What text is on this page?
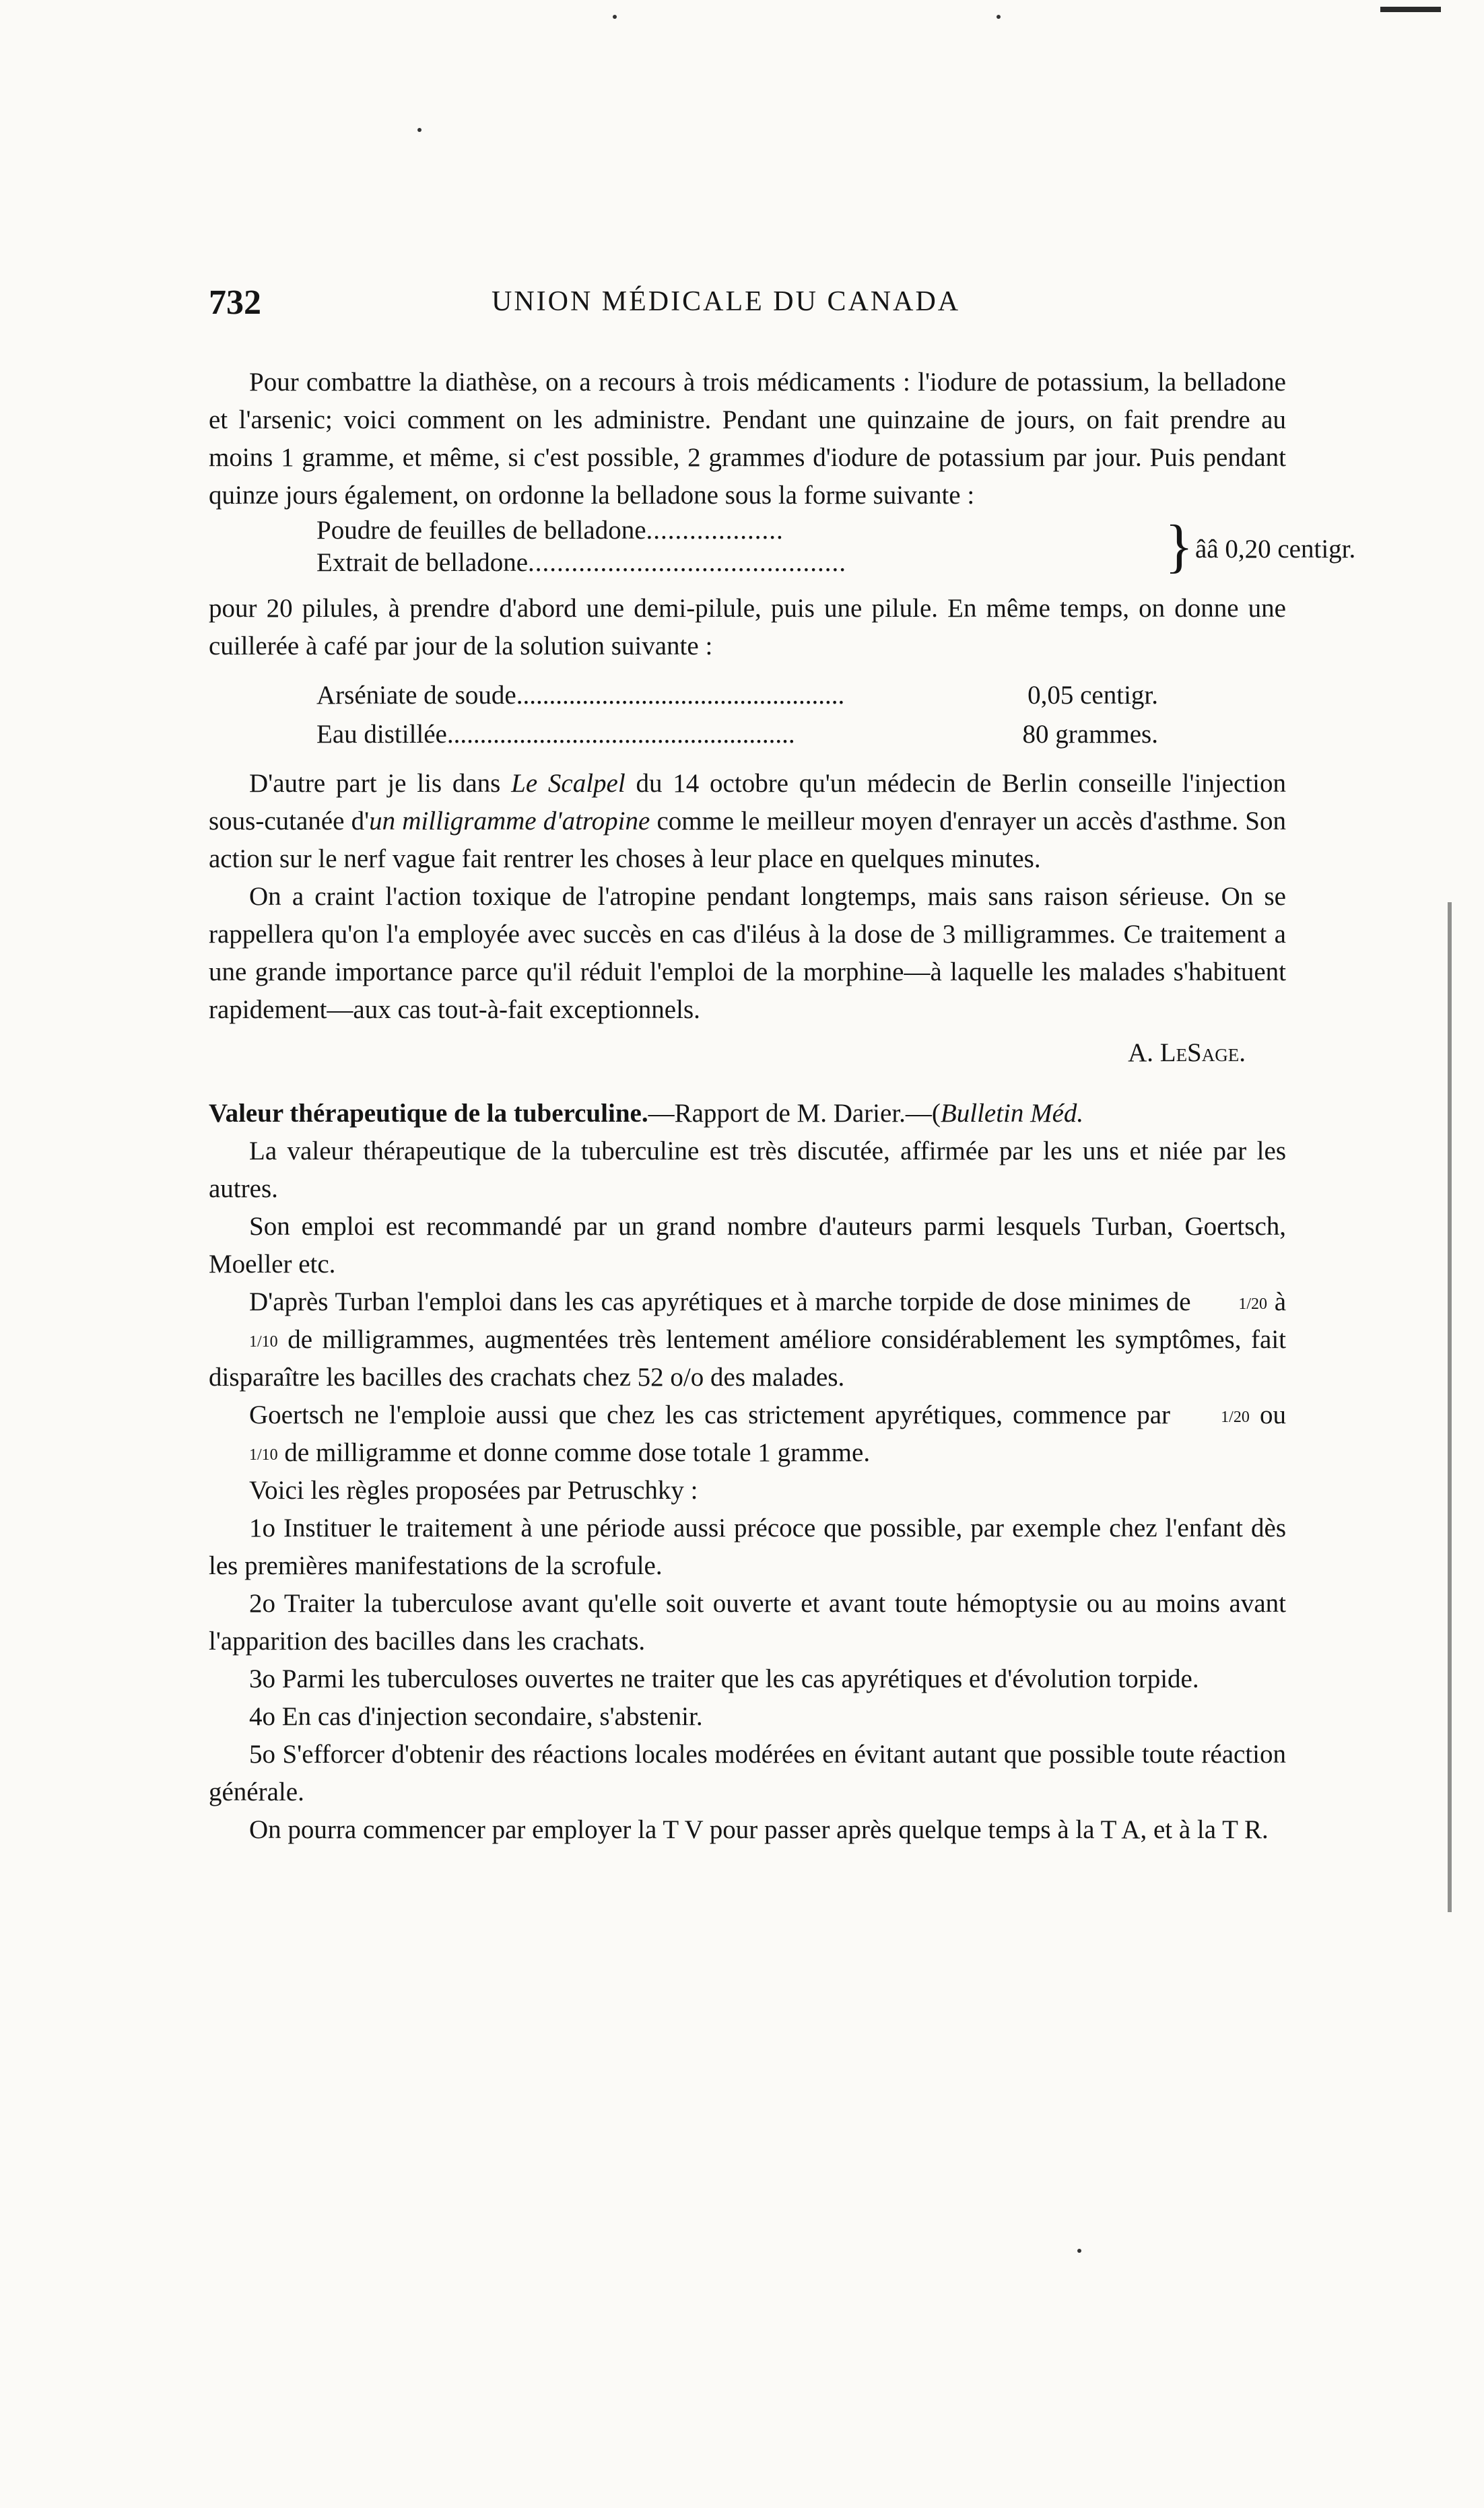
732	UNION MÉDICALE DU CANADA

Pour combattre la diathèse, on a recours à trois médicaments : l'iodure de potassium, la belladone et l'arsenic; voici comment on les administre. Pendant une quinzaine de jours, on fait prendre au moins 1 gramme, et même, si c'est possible, 2 grammes d'iodure de potassium par jour. Puis pendant quinze jours également, on ordonne la belladone sous la forme suivante :

Poudre de feuilles de belladone...................
Extrait de belladone............................................	} ââ 0,20 centigr.

pour 20 pilules, à prendre d'abord une demi-pilule, puis une pilule. En même temps, on donne une cuillerée à café par jour de la solution suivante :

Arséniate de soude..................................................	0,05 centigr.
Eau distillée.....................................................	80 grammes.

D'autre part je lis dans Le Scalpel du 14 octobre qu'un médecin de Berlin conseille l'injection sous-cutanée d'un milligramme d'atropine comme le meilleur moyen d'enrayer un accès d'asthme. Son action sur le nerf vague fait rentrer les choses à leur place en quelques minutes.

On a craint l'action toxique de l'atropine pendant longtemps, mais sans raison sérieuse. On se rappellera qu'on l'a employée avec succès en cas d'iléus à la dose de 3 milligrammes. Ce traitement a une grande importance parce qu'il réduit l'emploi de la morphine—à laquelle les malades s'habituent rapidement—aux cas tout-à-fait exceptionnels.

A. LeSage.

Valeur thérapeutique de la tuberculine.—Rapport de M. Darier.—(Bulletin Méd.

La valeur thérapeutique de la tuberculine est très discutée, affirmée par les uns et niée par les autres.

Son emploi est recommandé par un grand nombre d'auteurs parmi lesquels Turban, Goertsch, Moeller etc.

D'après Turban l'emploi dans les cas apyrétiques et à marche torpide de dose minimes de	1/20 à 1/10 de milligrammes, augmentées très lentement améliore considérablement les symptômes, fait disparaître les bacilles des crachats chez 52 o/o des malades.

Goertsch ne l'emploie aussi que chez les cas strictement apyrétiques, commence par	1/20 ou 1/10 de milligramme et donne comme dose totale 1 gramme.

Voici les règles proposées par Petruschky :

1o Instituer le traitement à une période aussi précoce que possible, par exemple chez l'enfant dès les premières manifestations de la scrofule.

2o Traiter la tuberculose avant qu'elle soit ouverte et avant toute hémoptysie ou au moins avant l'apparition des bacilles dans les crachats.

3o Parmi les tuberculoses ouvertes ne traiter que les cas apyrétiques et d'évolution torpide.

4o En cas d'injection secondaire, s'abstenir.

5o S'efforcer d'obtenir des réactions locales modérées en évitant autant que possible toute réaction générale.

On pourra commencer par employer la T V pour passer après quelque temps à la T A, et à la T R.
